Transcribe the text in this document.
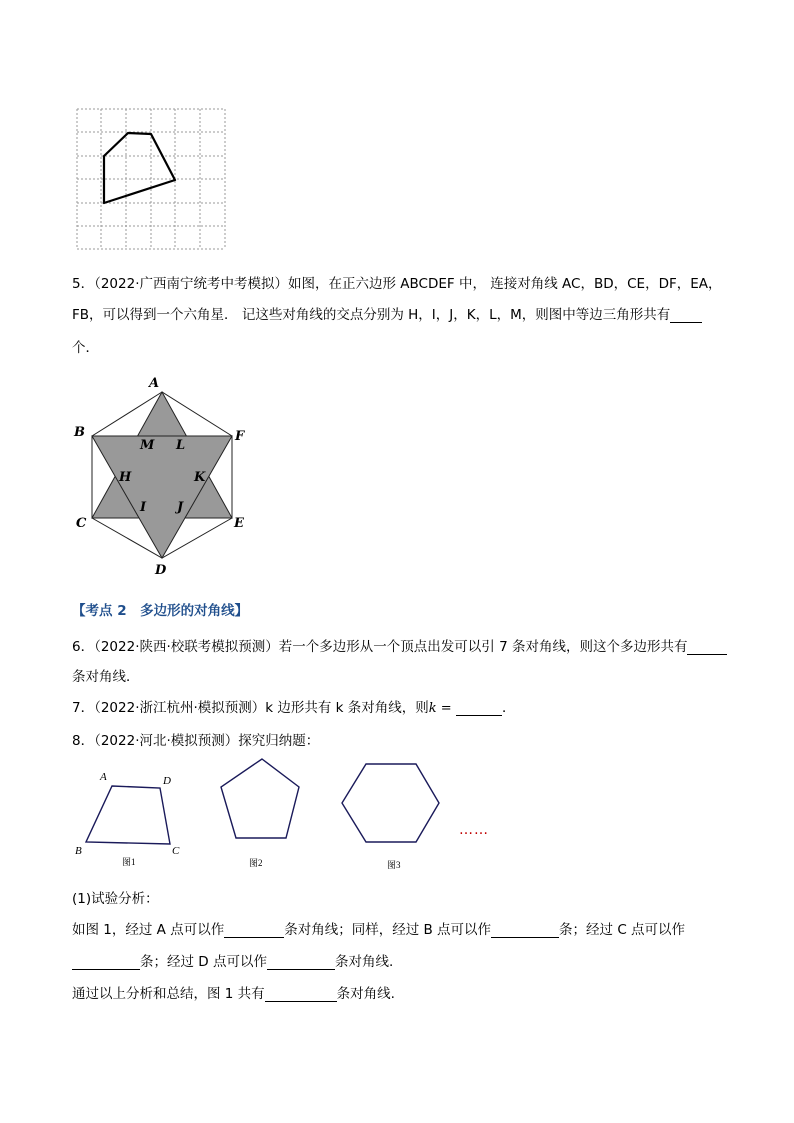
5．（2022·广西南宁统考中考模拟）如图，在正六边形 ABCDEF 中， 连接对角线 AC，BD，CE，DF，EA，
FB，可以得到一个六角星． 记这些对角线的交点分别为 H，I，J，K，L，M，则图中等边三角形共有
个．
A
B	F
C	E
D
M L
H	K
I J
【考点 2　多边形的对角线】
6．（2022·陕西·校联考模拟预测）若一个多边形从一个顶点出发可以引 7 条对角线，则这个多边形共有
条对角线．
7．（2022·浙江杭州·模拟预测）k 边形共有 k 条对角线，则k =	．
8．（2022·河北·模拟预测）探究归纳题：
A	D
B	C
图1	图2	图3
……
(1)试验分析：
如图 1，经过 A 点可以作	条对角线；同样，经过 B 点可以作	条；经过 C 点可以作
条；经过 D 点可以作	条对角线.
通过以上分析和总结，图 1 共有	条对角线.
